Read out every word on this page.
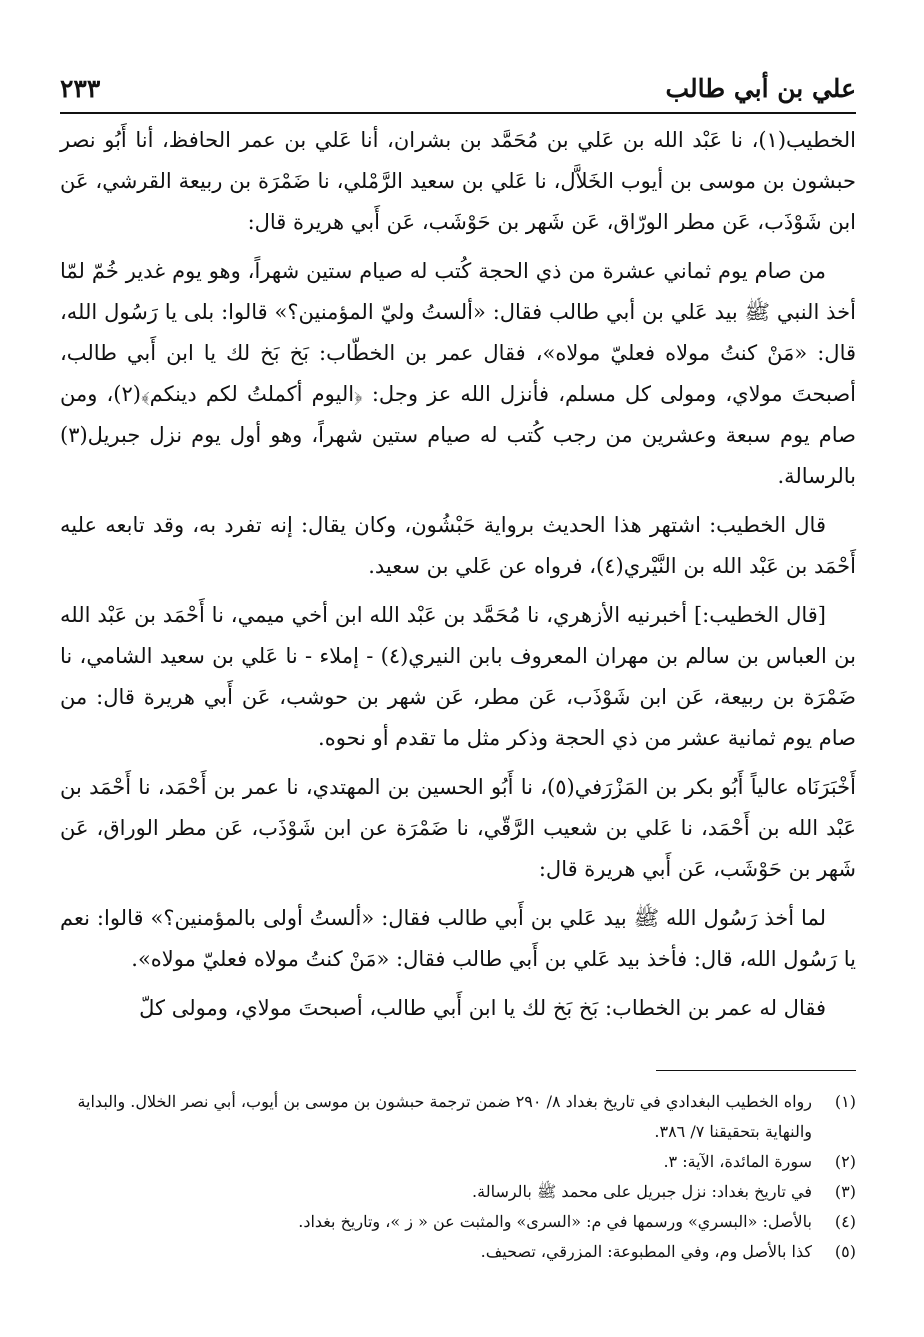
علي بن أبي طالب
٢٣٣

الخطيب(١)، نا عَبْد الله بن عَلي بن مُحَمَّد بن بشران، أنا عَلي بن عمر الحافظ، أنا أَبُو نصر حبشون بن موسى بن أيوب الخَلاَّل، نا عَلي بن سعيد الرَّمْلي، نا ضَمْرَة بن ربيعة القرشي، عَن ابن شَوْذَب، عَن مطر الورّاق، عَن شَهر بن حَوْشَب، عَن أَبي هريرة قال:

من صام يوم ثماني عشرة من ذي الحجة كُتب له صيام ستين شهراً، وهو يوم غدير خُمّ لمّا أخذ النبي ﷺ بيد عَلي بن أبي طالب فقال: «ألستُ وليّ المؤمنين؟» قالوا: بلى يا رَسُول الله، قال: «مَنْ كنتُ مولاه فعليّ مولاه»، فقال عمر بن الخطّاب: بَخ بَخ لك يا ابن أَبي طالب، أصبحتَ مولاي، ومولى كل مسلم، فأنزل الله عز وجل: ﴿اليوم أكملتُ لكم دينكم﴾(٢)، ومن صام يوم سبعة وعشرين من رجب كُتب له صيام ستين شهراً، وهو أول يوم نزل جبريل(٣) بالرسالة.

قال الخطيب: اشتهر هذا الحديث برواية حَبْشُون، وكان يقال: إنه تفرد به، وقد تابعه عليه أَحْمَد بن عَبْد الله بن النَّيْري(٤)، فرواه عن عَلي بن سعيد.

[قال الخطيب:] أخبرنيه الأزهري، نا مُحَمَّد بن عَبْد الله ابن أخي ميمي، نا أَحْمَد بن عَبْد الله بن العباس بن سالم بن مهران المعروف بابن النيري(٤) - إملاء - نا عَلي بن سعيد الشامي، نا ضَمْرَة بن ربيعة، عَن ابن شَوْذَب، عَن مطر، عَن شهر بن حوشب، عَن أَبي هريرة قال: من صام يوم ثمانية عشر من ذي الحجة وذكر مثل ما تقدم أو نحوه.

أَخْبَرَنَاه عالياً أَبُو بكر بن المَزْرَفي(٥)، نا أَبُو الحسين بن المهتدي، نا عمر بن أَحْمَد، نا أَحْمَد بن عَبْد الله بن أَحْمَد، نا عَلي بن شعيب الرَّقّي، نا ضَمْرَة عن ابن شَوْذَب، عَن مطر الوراق، عَن شَهر بن حَوْشَب، عَن أَبي هريرة قال:

لما أخذ رَسُول الله ﷺ بيد عَلي بن أَبي طالب فقال: «ألستُ أولى بالمؤمنين؟» قالوا: نعم يا رَسُول الله، قال: فأخذ بيد عَلي بن أَبي طالب فقال: «مَنْ كنتُ مولاه فعليّ مولاه».

فقال له عمر بن الخطاب: بَخ بَخ لك يا ابن أَبي طالب، أصبحتَ مولاي، ومولى كلّ

(١)
رواه الخطيب البغدادي في تاريخ بغداد ٨/ ٢٩٠ ضمن ترجمة حبشون بن موسى بن أيوب، أبي نصر الخلال. والبداية والنهاية بتحقيقنا ٧/ ٣٨٦.
(٢)
سورة المائدة، الآية: ٣.
(٣)
في تاريخ بغداد: نزل جبريل على محمد ﷺ بالرسالة.
(٤)
بالأصل: «البسري» ورسمها في م: «السرى» والمثبت عن « ز »، وتاريخ بغداد.
(٥)
كذا بالأصل وم، وفي المطبوعة: المزرقي، تصحيف.
